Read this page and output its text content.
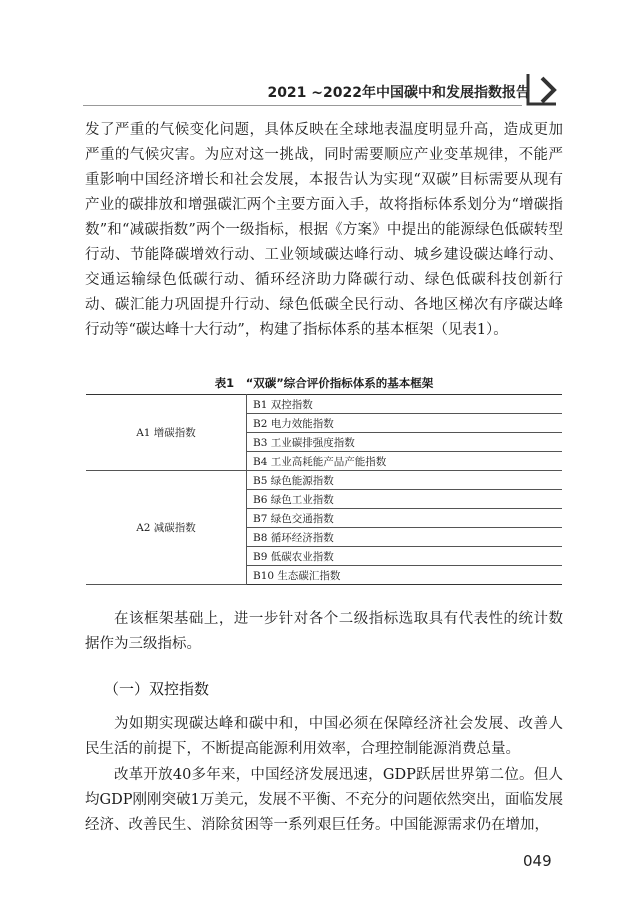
2021 ~2022年中国碳中和发展指数报告

发了严重的气候变化问题，具体反映在全球地表温度明显升高，造成更加严重的气候灾害。为应对这一挑战，同时需要顺应产业变革规律，不能严重影响中国经济增长和社会发展，本报告认为实现“双碳”目标需要从现有产业的碳排放和增强碳汇两个主要方面入手，故将指标体系划分为“增碳指数”和“减碳指数”两个一级指标，根据《方案》中提出的能源绿色低碳转型行动、节能降碳增效行动、工业领域碳达峰行动、城乡建设碳达峰行动、交通运输绿色低碳行动、循环经济助力降碳行动、绿色低碳科技创新行动、碳汇能力巩固提升行动、绿色低碳全民行动、各地区梯次有序碳达峰行动等“碳达峰十大行动”，构建了指标体系的基本框架（见表1）。

表1　“双碳”综合评价指标体系的基本框架
A1 增碳指数	B1 双控指数
	B2 电力效能指数
	B3 工业碳排强度指数
	B4 工业高耗能产品产能指数
A2 减碳指数	B5 绿色能源指数
	B6 绿色工业指数
	B7 绿色交通指数
	B8 循环经济指数
	B9 低碳农业指数
	B10 生态碳汇指数

在该框架基础上，进一步针对各个二级指标选取具有代表性的统计数据作为三级指标。

（一）双控指数

为如期实现碳达峰和碳中和，中国必须在保障经济社会发展、改善人民生活的前提下，不断提高能源利用效率，合理控制能源消费总量。

改革开放40多年来，中国经济发展迅速，GDP跃居世界第二位。但人均GDP刚刚突破1万美元，发展不平衡、不充分的问题依然突出，面临发展经济、改善民生、消除贫困等一系列艰巨任务。中国能源需求仍在增加，

049
